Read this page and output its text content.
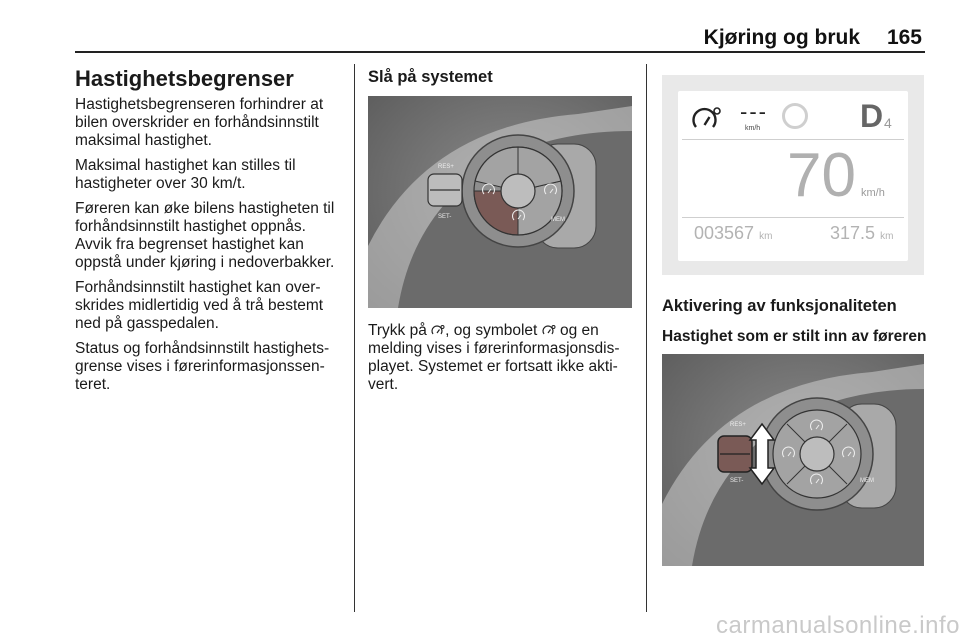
Kjøring og bruk	165
Hastighetsbegrenser

Hastighetsbegrenseren forhindrer at bilen overskrider en forhåndsinnstilt maksimal hastighet.

Maksimal hastighet kan stilles til hastigheter over 30 km/t.

Føreren kan øke bilens hastigheten til forhåndsinnstilt hastighet oppnås. Avvik fra begrenset hastighet kan oppstå under kjøring i nedoverbakker.

Forhåndsinnstilt hastighet kan overskrides midlertidig ved å trå bestemt ned på gasspedalen.

Status og forhåndsinnstilt hastighetsgrense vises i førerinformasjonssenteret.

Slå på systemet
RES+
SET-	MEM

Trykk på , og symbolet og en melding vises i førerinformasjonsdisplayet. Systemet er fortsatt ikke aktivert.

---
km/h	D 4
70 km/h
003567 km	317.5 km
Aktivering av funksjonaliteten
Hastighet som er stilt inn av føreren
RES+
SET-	MEM
carmanualsonline.info
